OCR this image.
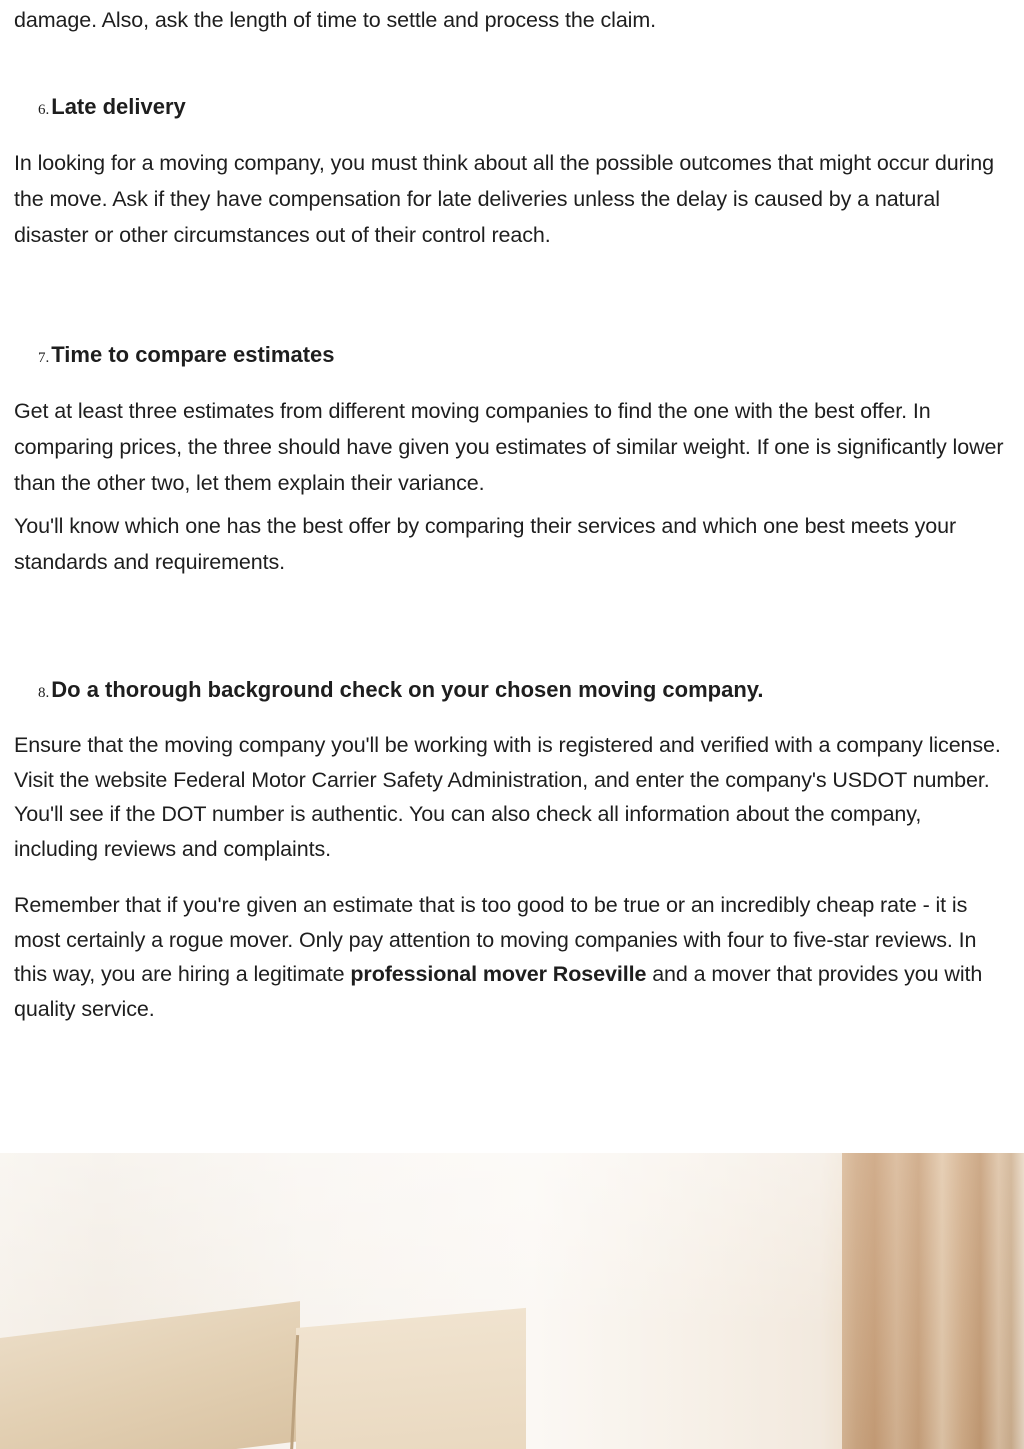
damage. Also, ask the length of time to settle and process the claim.

6.Late delivery

In looking for a moving company, you must think about all the possible outcomes that might occur during the move. Ask if they have compensation for late deliveries unless the delay is caused by a natural disaster or other circumstances out of their control reach.

7.Time to compare estimates

Get at least three estimates from different moving companies to find the one with the best offer. In comparing prices, the three should have given you estimates of similar weight. If one is significantly lower than the other two, let them explain their variance.

You'll know which one has the best offer by comparing their services and which one best meets your standards and requirements.

8.Do a thorough background check on your chosen moving company.

Ensure that the moving company you'll be working with is registered and verified with a company license. Visit the website Federal Motor Carrier Safety Administration, and enter the company's USDOT number. You'll see if the DOT number is authentic. You can also check all information about the company, including reviews and complaints.

Remember that if you're given an estimate that is too good to be true or an incredibly cheap rate - it is most certainly a rogue mover. Only pay attention to moving companies with four to five-star reviews. In this way, you are hiring a legitimate professional mover Roseville and a mover that provides you with quality service.
